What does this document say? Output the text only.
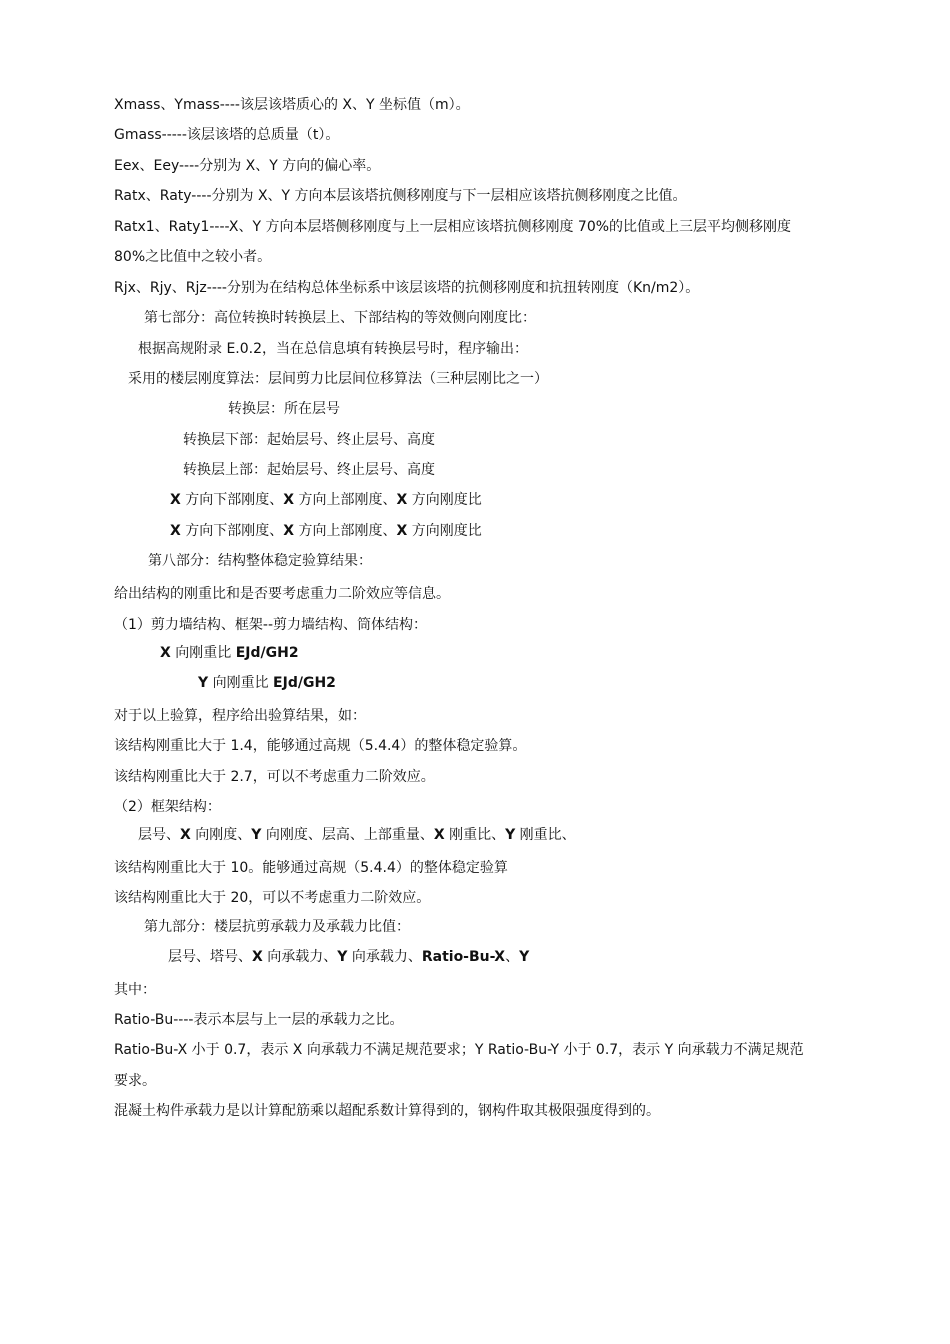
Xmass、Ymass----该层该塔质心的 X、Y 坐标值（m）。
Gmass-----该层该塔的总质量（t）。
Eex、Eey----分别为 X、Y 方向的偏心率。
Ratx、Raty----分别为 X、Y 方向本层该塔抗侧移刚度与下一层相应该塔抗侧移刚度之比值。
Ratx1、Raty1----X、Y 方向本层塔侧移刚度与上一层相应该塔抗侧移刚度 70%的比值或上三层平均侧移刚度
80%之比值中之较小者。
Rjx、Rjy、Rjz----分别为在结构总体坐标系中该层该塔的抗侧移刚度和抗扭转刚度（Kn/m2）。
第七部分：高位转换时转换层上、下部结构的等效侧向刚度比：
根据高规附录 E.0.2，当在总信息填有转换层号时，程序输出：
采用的楼层刚度算法：层间剪力比层间位移算法（三种层刚比之一）
转换层：所在层号
转换层下部：起始层号、终止层号、高度
转换层上部：起始层号、终止层号、高度
X 方向下部刚度、X 方向上部刚度、X 方向刚度比
X 方向下部刚度、X 方向上部刚度、X 方向刚度比
第八部分：结构整体稳定验算结果：
给出结构的刚重比和是否要考虑重力二阶效应等信息。
（1）剪力墙结构、框架--剪力墙结构、筒体结构：
X 向刚重比 EJd/GH2
Y 向刚重比 EJd/GH2
对于以上验算，程序给出验算结果，如：
该结构刚重比大于 1.4，能够通过高规（5.4.4）的整体稳定验算。
该结构刚重比大于 2.7，可以不考虑重力二阶效应。
（2）框架结构：
层号、X 向刚度、Y 向刚度、层高、上部重量、X 刚重比、Y 刚重比、
该结构刚重比大于 10。能够通过高规（5.4.4）的整体稳定验算
该结构刚重比大于 20，可以不考虑重力二阶效应。
第九部分：楼层抗剪承载力及承载力比值：
层号、塔号、X 向承载力、Y 向承载力、Ratio-Bu-X、Y
其中：
Ratio-Bu----表示本层与上一层的承载力之比。
Ratio-Bu-X 小于 0.7，表示 X 向承载力不满足规范要求；Y Ratio-Bu-Y 小于 0.7，表示 Y 向承载力不满足规范
要求。
混凝土构件承载力是以计算配筋乘以超配系数计算得到的，钢构件取其极限强度得到的。
